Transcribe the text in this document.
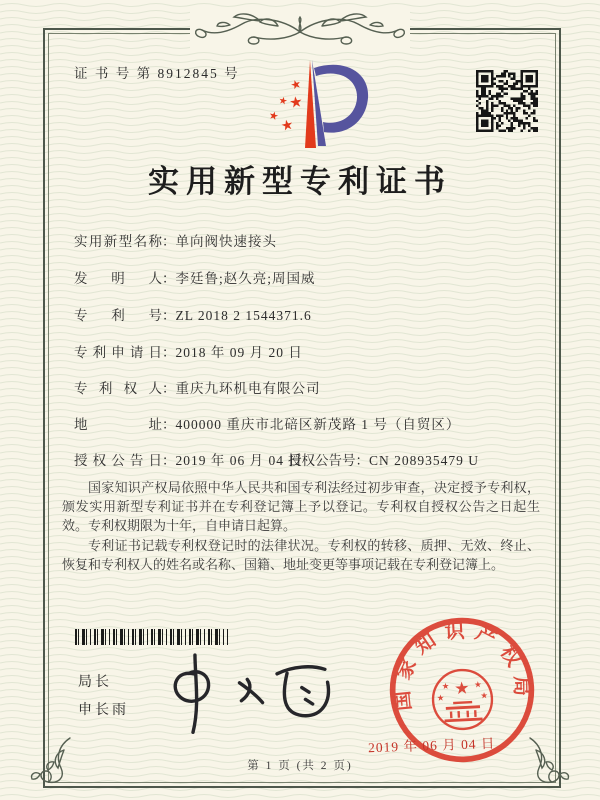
证 书 号 第 8912845 号
★
★ ★
★
★
实用新型专利证书
实用新型名称：单向阀快速接头
发明人：李廷鲁;赵久亮;周国威
专利号：ZL 2018 2 1544371.6
专利申请日：2018 年 09 月 20 日
专利权人：重庆九环机电有限公司
地址：400000 重庆市北碚区新茂路 1 号（自贸区）
授权公告日：2019 年 06 月 04 日
授权公告号：CN 208935479 U

国家知识产权局依照中华人民共和国专利法经过初步审查，决定授予专利权，颁发实用新型专利证书并在专利登记簿上予以登记。专利权自授权公告之日起生效。专利权期限为十年，自申请日起算。

专利证书记载专利权登记时的法律状况。专利权的转移、质押、无效、终止、恢复和专利权人的姓名或名称、国籍、地址变更等事项记载在专利登记簿上。

局长
申长雨	国家知识产权局
★
★	★
★	★
2019 年 06 月 04 日
第 1 页 (共 2 页)
